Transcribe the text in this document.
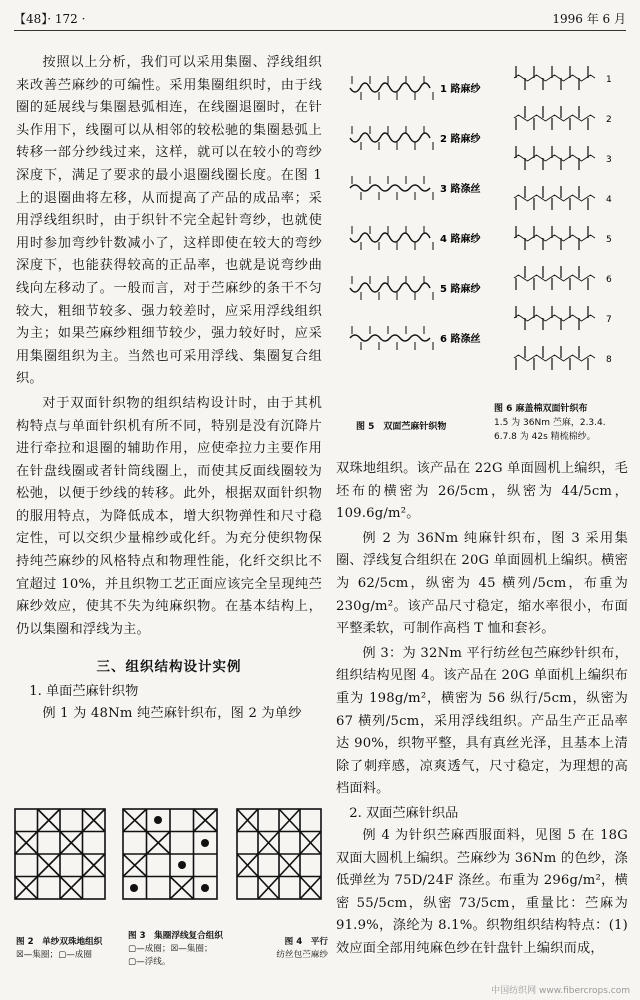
【48】· 172 ·	1996 年 6 月

按照以上分析，我们可以采用集圈、浮线组织来改善苎麻纱的可编性。采用集圈组织时，由于线圈的延展线与集圈悬弧相连，在线圈退圈时，在针头作用下，线圈可以从相邻的较松驰的集圈悬弧上转移一部分纱线过来，这样，就可以在较小的弯纱深度下，满足了要求的最小退圈线圈长度。在图 1 上的退圈曲将左移，从而提高了产品的成品率；采用浮线组织时，由于织针不完全起针弯纱，也就使用时参加弯纱针数减小了，这样即使在较大的弯纱深度下，也能获得较高的正品率，也就是说弯纱曲线向左移动了。一般而言，对于苎麻纱的条干不匀较大，粗细节较多、强力较差时，应采用浮线组织为主；如果苎麻纱粗细节较少，强力较好时，应采用集圈组织为主。当然也可采用浮线、集圈复合组织。

对于双面针织物的组织结构设计时，由于其机构特点与单面针织机有所不同，特别是没有沉降片进行牵拉和退圈的辅助作用，应使牵拉力主要作用在针盘线圈或者针筒线圈上，而使其反面线圈较为松弛，以便于纱线的转移。此外，根据双面针织物的服用特点，为降低成本，增大织物弹性和尺寸稳定性，可以交织少量棉纱或化纤。为充分使织物保持纯苎麻纱的风格特点和物理性能，化纤交织比不宜超过 10%，并且织物工艺正面应该完全呈现纯苎麻纱效应，使其不失为纯麻织物。在基本结构上，仍以集圈和浮线为主。

三、组织结构设计实例
1. 单面苎麻针织物

例 1 为 48Nm 纯苎麻针织布，图 2 为单纱

图 2　单纱双珠地组织
☒—集圈；▢—成圈
图 3　集圈浮线复合组织
▢—成圈；☒—集圈；
▢—浮线。
图 4　平行
纺丝包苎麻纱
1 路麻纱
2 路麻纱
3 路涤丝
4 路麻纱
5 路麻纱
6 路涤丝
图 5　双面苎麻针织物
1
2
3
4
5
6
7
8
图 6 麻盖棉双面针织布
1.5 为 36Nm 苎麻，2.3.4.
6.7.8 为 42s 精梳棉纱。

双珠地组织。该产品在 22G 单面圆机上编织，毛坯布的横密为 26/5cm，纵密为 44/5cm，109.6g/m²。

例 2 为 36Nm 纯麻针织布，图 3 采用集圈、浮线复合组织在 20G 单面圆机上编织。横密为 62/5cm，纵密为 45 横列/5cm，布重为 230g/m²。该产品尺寸稳定，缩水率很小，布面平整柔软，可制作高档 T 恤和套衫。

例 3：为 32Nm 平行纺丝包苎麻纱针织布，组织结构见图 4。该产品在 20G 单面机上编织布重为 198g/m²，横密为 56 纵行/5cm，纵密为 67 横列/5cm，采用浮线组织。产品生产正品率达 90%，织物平整，具有真丝光泽，且基本上清除了刺痒感，凉爽透气，尺寸稳定，为理想的高档面料。

2. 双面苎麻针织品

例 4 为针织苎麻西服面料，见图 5 在 18G 双面大圆机上编织。苎麻纱为 36Nm 的色纱，涤低弹丝为 75D/24F 涤丝。布重为 296g/m²，横密 55/5cm，纵密 73/5cm，重量比：苎麻为 91.9%，涤纶为 8.1%。织物组织结构特点：(1)效应面全部用纯麻色纱在针盘针上编织而成，

中国纺织网 www.fibercrops.com
